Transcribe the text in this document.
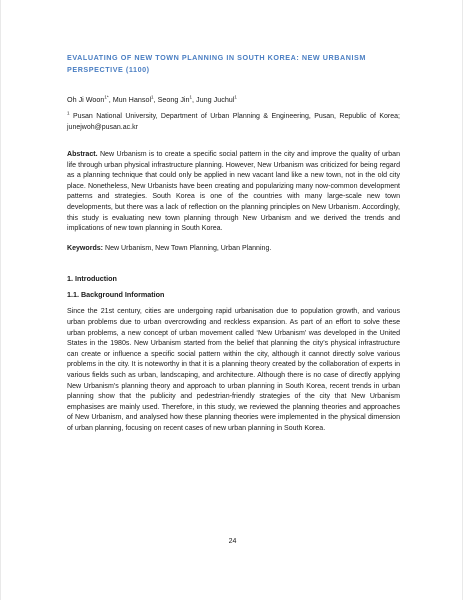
EVALUATING OF NEW TOWN PLANNING IN SOUTH KOREA: NEW URBANISM PERSPECTIVE (1100)

Oh Ji Woon$^{1*}$, Mun Hansol$^1$, Seong Jin$^1$, Jung Juchul$^1$
$^1$ Pusan National University, Department of Urban Planning & Engineering, Pusan, Republic of Korea; junejwoh@pusan.ac.kr
Abstract. New Urbanism is to create a specific social pattern in the city and improve the quality of urban life through urban physical infrastructure planning. However, New Urbanism was criticized for being regard as a planning technique that could only be applied in new vacant land like a new town, not in the old city place. Nonetheless, New Urbanists have been creating and popularizing many now-common development patterns and strategies. South Korea is one of the countries with many large-scale new town developments, but there was a lack of reflection on the planning principles on New Urbanism. Accordingly, this study is evaluating new town planning through New Urbanism and we derived the trends and implications of new town planning in South Korea.
Keywords: New Urbanism, New Town Planning, Urban Planning.
1. Introduction
1.1. Background Information
Since the 21st century, cities are undergoing rapid urbanisation due to population growth, and various urban problems due to urban overcrowding and reckless expansion. As part of an effort to solve these urban problems, a new concept of urban movement called ‘New Urbanism’ was developed in the United States in the 1980s. New Urbanism started from the belief that planning the city’s physical infrastructure can create or influence a specific social pattern within the city, although it cannot directly solve various problems in the city. It is noteworthy in that it is a planning theory created by the collaboration of experts in various fields such as urban, landscaping, and architecture. Although there is no case of directly applying New Urbanism’s planning theory and approach to urban planning in South Korea, recent trends in urban planning show that the publicity and pedestrian-friendly strategies of the city that New Urbanism emphasises are mainly used. Therefore, in this study, we reviewed the planning theories and approaches of New Urbanism, and analysed how these planning theories were implemented in the physical dimension of urban planning, focusing on recent cases of new urban planning in South Korea.
24
